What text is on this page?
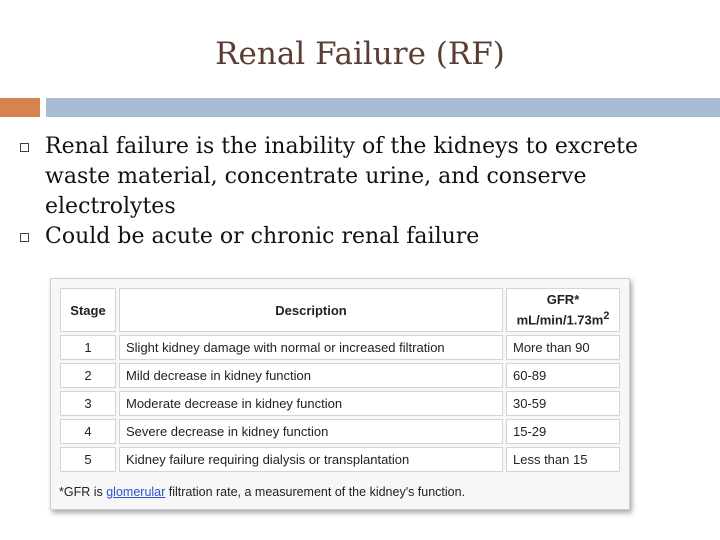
Renal Failure (RF)
Renal failure is the inability of the kidneys to excrete waste material, concentrate urine, and conserve electrolytes
Could be acute or chronic renal failure
Stage	Description	GFR*
$mL/\min/1.73m^2$
1	Slight kidney damage with normal or increased filtration	More than 90
2	Mild decrease in kidney function	60-89
3	Moderate decrease in kidney function	30-59
4	Severe decrease in kidney function	15-29
5	Kidney failure requiring dialysis or transplantation	Less than 15
*GFR is glomerular filtration rate, a measurement of the kidney's function.
